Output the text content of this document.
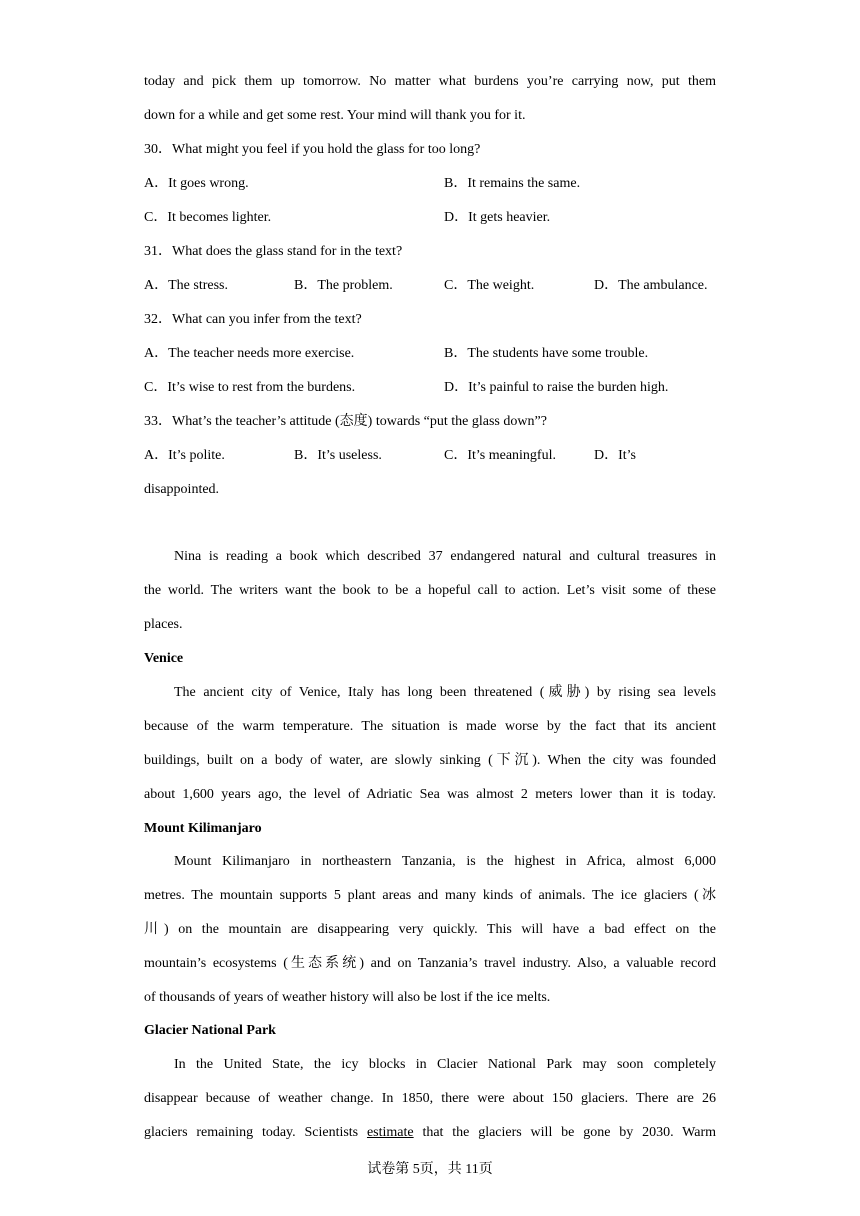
today and pick them up tomorrow. No matter what burdens you’re carrying now, put them
down for a while and get some rest. Your mind will thank you for it.
30．What might you feel if you hold the glass for too long?
A．It goes wrong.	B．It remains the same.
C．It becomes lighter.	D．It gets heavier.
31．What does the glass stand for in the text?
A．The stress.	B．The problem.	C．The weight.	D．The ambulance.
32．What can you infer from the text?
A．The teacher needs more exercise.	B．The students have some trouble.
C．It’s wise to rest from the burdens.	D．It’s painful to raise the burden high.
33．What’s the teacher’s attitude (态度) towards “put the glass down”?
A．It’s polite.	B．It’s useless.	C．It’s meaningful.	D．It’s
disappointed.
Nina is reading a book which described 37 endangered natural and cultural treasures in
the world. The writers want the book to be a hopeful call to action. Let’s visit some of these
places.
Venice
The ancient city of Venice, Italy has long been threatened (威胁) by rising sea levels
because of the warm temperature. The situation is made worse by the fact that its ancient
buildings, built on a body of water, are slowly sinking (下沉). When the city was founded
about 1,600 years ago, the level of Adriatic Sea was almost 2 meters lower than it is today.
Mount Kilimanjaro
Mount Kilimanjaro in northeastern Tanzania, is the highest in Africa, almost 6,000
metres. The mountain supports 5 plant areas and many kinds of animals. The ice glaciers (冰
川) on the mountain are disappearing very quickly. This will have a bad effect on the
mountain’s ecosystems (生态系统) and on Tanzania’s travel industry. Also, a valuable record
of thousands of years of weather history will also be lost if the ice melts.
Glacier National Park
In the United State, the icy blocks in Clacier National Park may soon completely
disappear because of weather change. In 1850, there were about 150 glaciers. There are 26
glaciers remaining today. Scientists estimate that the glaciers will be gone by 2030. Warm
试卷第 5页，共 11页
